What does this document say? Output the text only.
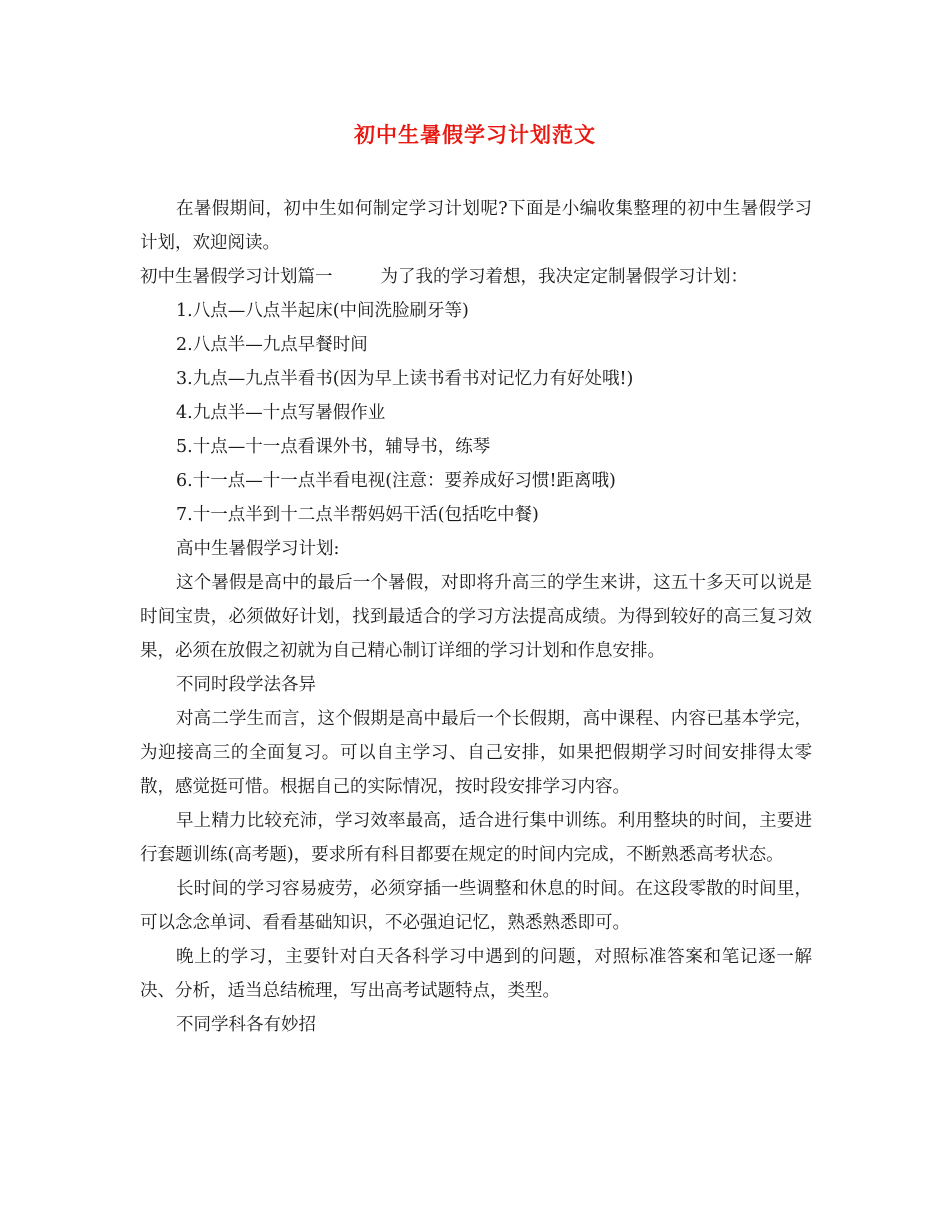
初中生暑假学习计划范文

在暑假期间，初中生如何制定学习计划呢?下面是小编收集整理的初中生暑假学习计划，欢迎阅读。

初中生暑假学习计划篇一	为了我的学习着想，我决定定制暑假学习计划：

1.八点—八点半起床(中间洗脸刷牙等)

2.八点半—九点早餐时间

3.九点—九点半看书(因为早上读书看书对记忆力有好处哦!)

4.九点半—十点写暑假作业

5.十点—十一点看课外书，辅导书，练琴

6.十一点—十一点半看电视(注意：要养成好习惯!距离哦)

7.十一点半到十二点半帮妈妈干活(包括吃中餐)

高中生暑假学习计划:

这个暑假是高中的最后一个暑假，对即将升高三的学生来讲，这五十多天可以说是时间宝贵，必须做好计划，找到最适合的学习方法提高成绩。为得到较好的高三复习效果，必须在放假之初就为自己精心制订详细的学习计划和作息安排。

不同时段学法各异

对高二学生而言，这个假期是高中最后一个长假期，高中课程、内容已基本学完，为迎接高三的全面复习。可以自主学习、自己安排，如果把假期学习时间安排得太零散，感觉挺可惜。根据自己的实际情况，按时段安排学习内容。

早上精力比较充沛，学习效率最高，适合进行集中训练。利用整块的时间，主要进行套题训练(高考题)，要求所有科目都要在规定的时间内完成，不断熟悉高考状态。

长时间的学习容易疲劳，必须穿插一些调整和休息的时间。在这段零散的时间里，可以念念单词、看看基础知识，不必强迫记忆，熟悉熟悉即可。

晚上的学习，主要针对白天各科学习中遇到的问题，对照标准答案和笔记逐一解决、分析，适当总结梳理，写出高考试题特点，类型。

不同学科各有妙招
